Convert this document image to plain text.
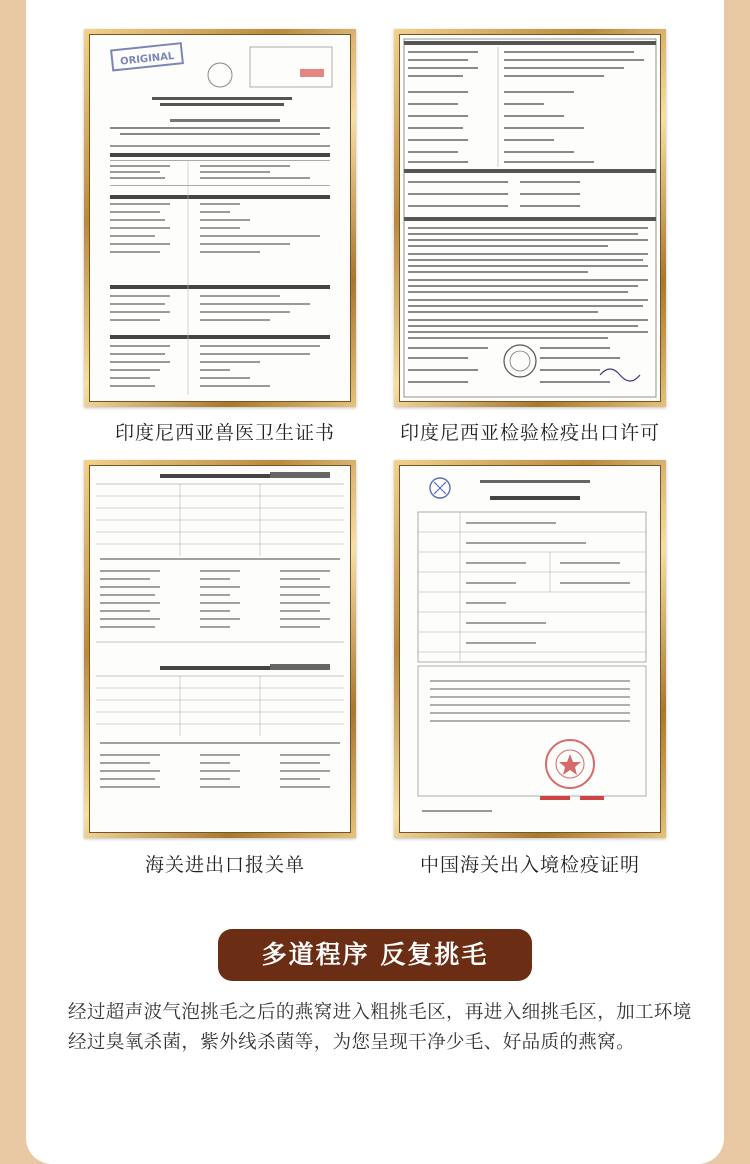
ORIGINAL
印度尼西亚兽医卫生证书	印度尼西亚检验检疫出口许可
海关进出口报关单	中国海关出入境检疫证明
多道程序 反复挑毛
经过超声波气泡挑毛之后的燕窝进入粗挑毛区，再进入细挑毛区，加工环境经过臭氧杀菌，紫外线杀菌等，为您呈现干净少毛、好品质的燕窝。
